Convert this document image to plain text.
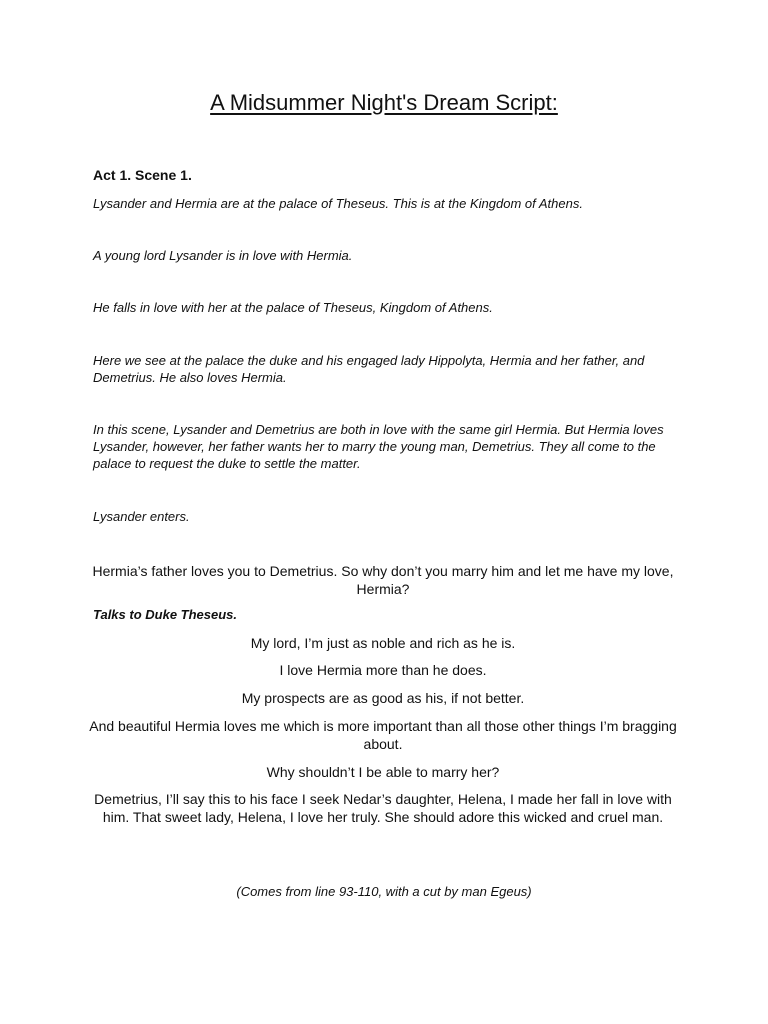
A Midsummer Night's Dream Script:
Act 1. Scene 1.

Lysander and Hermia are at the palace of Theseus. This is at the Kingdom of Athens.

A young lord Lysander is in love with Hermia.

He falls in love with her at the palace of Theseus, Kingdom of Athens.

Here we see at the palace the duke and his engaged lady Hippolyta, Hermia and her father, and Demetrius. He also loves Hermia.

In this scene, Lysander and Demetrius are both in love with the same girl Hermia. But Hermia loves Lysander, however, her father wants her to marry the young man, Demetrius. They all come to the palace to request the duke to settle the matter.

Lysander enters.

Hermia’s father loves you to Demetrius. So why don’t you marry him and let me have my love, Hermia?

Talks to Duke Theseus.

My lord, I’m just as noble and rich as he is.

I love Hermia more than he does.

My prospects are as good as his, if not better.

And beautiful Hermia loves me which is more important than all those other things I’m bragging about.

Why shouldn’t I be able to marry her?

Demetrius, I’ll say this to his face I seek Nedar’s daughter, Helena, I made her fall in love with him. That sweet lady, Helena, I love her truly. She should adore this wicked and cruel man.

(Comes from line 93-110, with a cut by man Egeus)
